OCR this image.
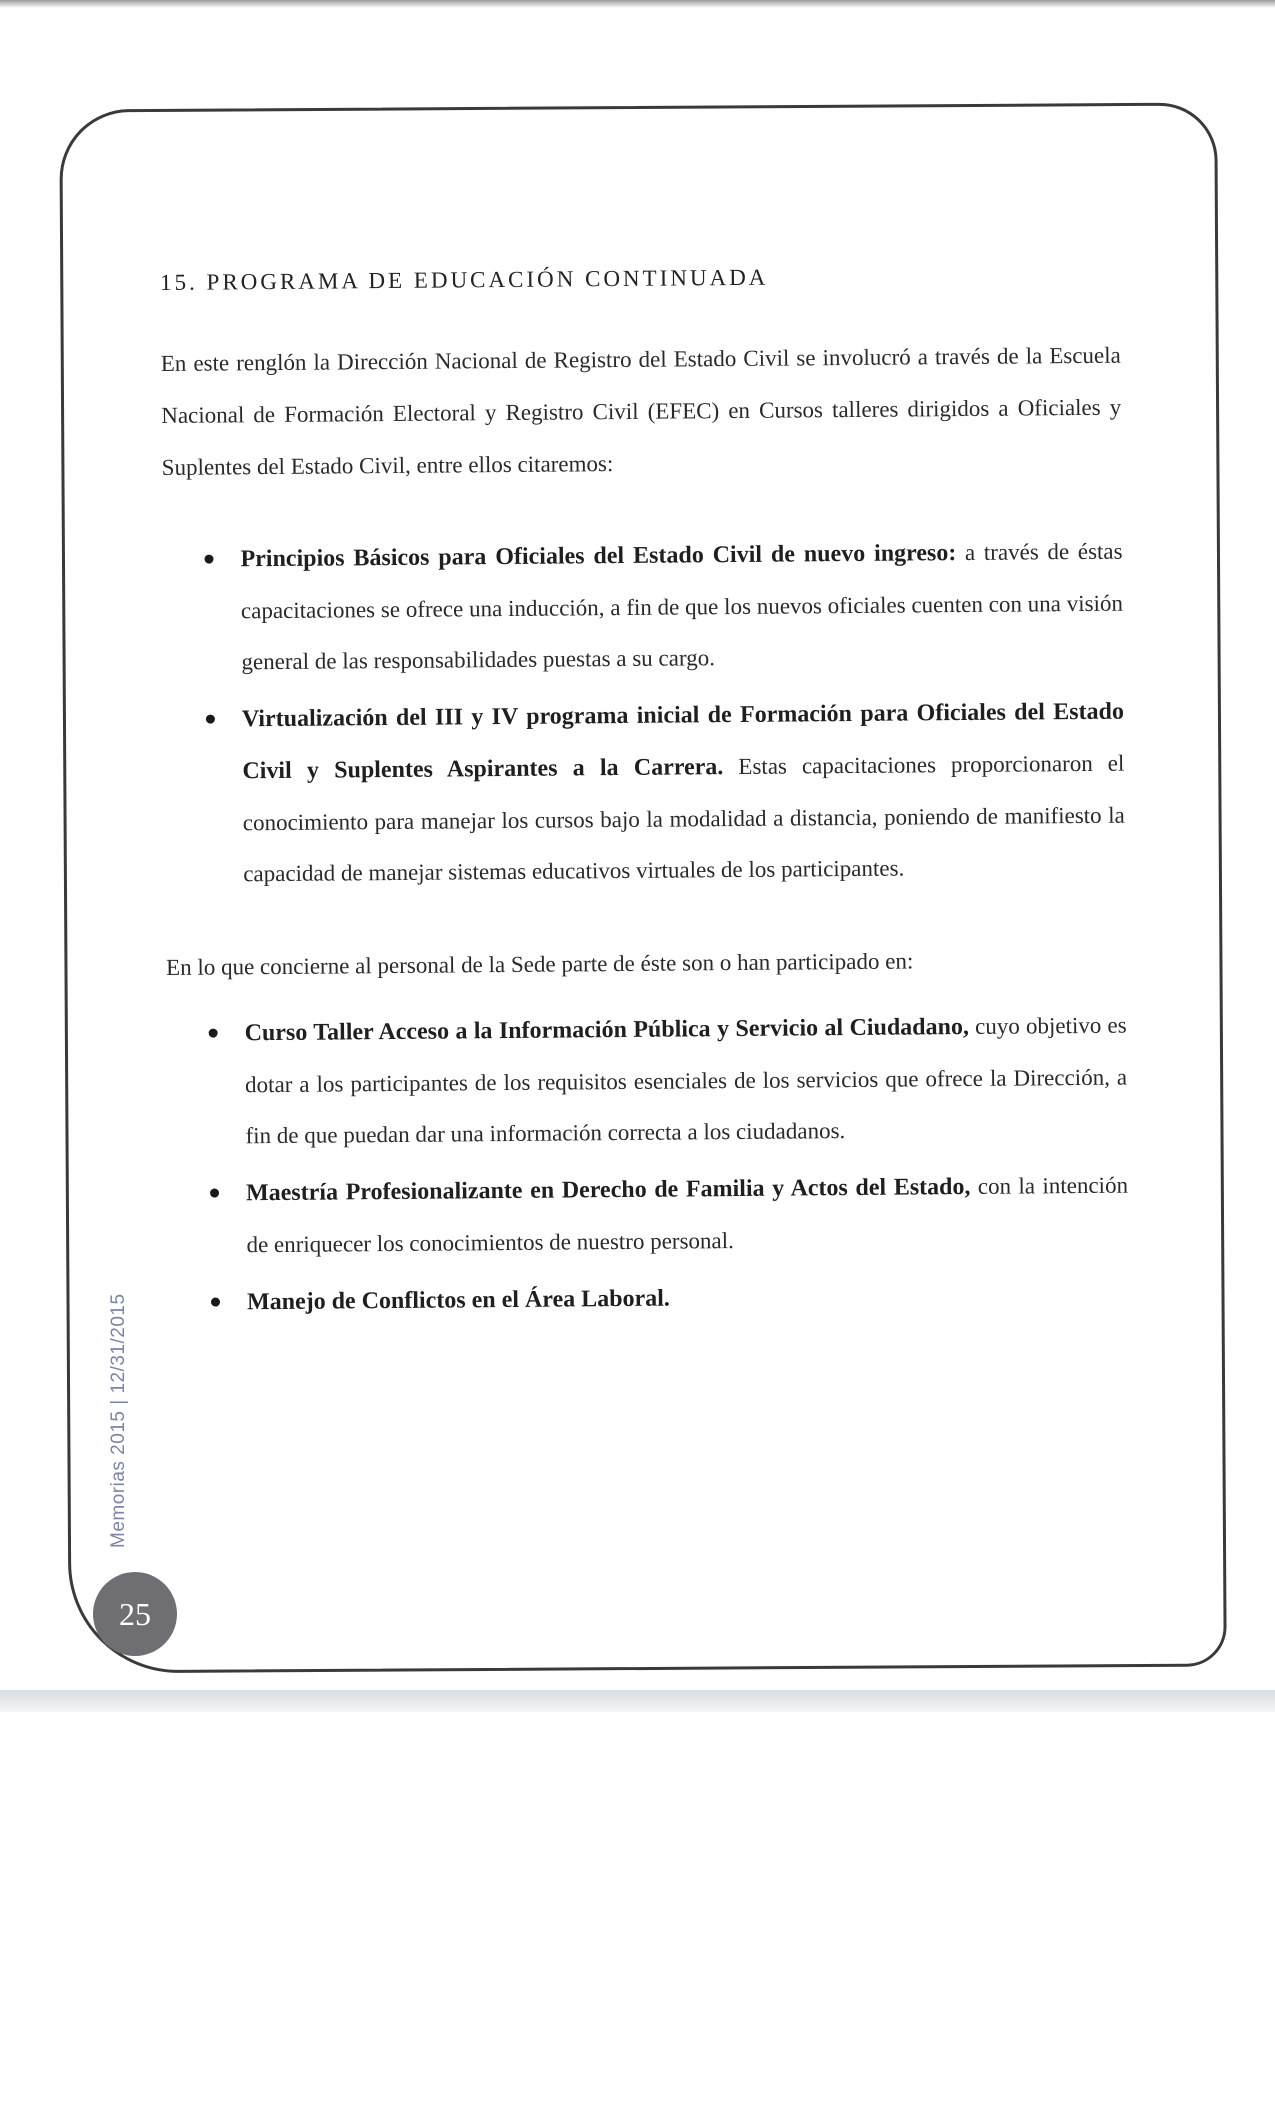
15. PROGRAMA DE EDUCACIÓN CONTINUADA

En este renglón la Dirección Nacional de Registro del Estado Civil se involucró a través de la Escuela Nacional de Formación Electoral y Registro Civil (EFEC) en Cursos talleres dirigidos a Oficiales y Suplentes del Estado Civil, entre ellos citaremos:

Principios Básicos para Oficiales del Estado Civil de nuevo ingreso: a través de éstas capacitaciones se ofrece una inducción, a fin de que los nuevos oficiales cuenten con una visión general de las responsabilidades puestas a su cargo.
Virtualización del III y IV programa inicial de Formación para Oficiales del Estado Civil y Suplentes Aspirantes a la Carrera. Estas capacitaciones proporcionaron el conocimiento para manejar los cursos bajo la modalidad a distancia, poniendo de manifiesto la capacidad de manejar sistemas educativos virtuales de los participantes.

En lo que concierne al personal de la Sede parte de éste son o han participado en:

Curso Taller Acceso a la Información Pública y Servicio al Ciudadano, cuyo objetivo es dotar a los participantes de los requisitos esenciales de los servicios que ofrece la Dirección, a fin de que puedan dar una información correcta a los ciudadanos.
Maestría Profesionalizante en Derecho de Familia y Actos del Estado, con la intención de enriquecer los conocimientos de nuestro personal.
Manejo de Conflictos en el Área Laboral.
Memorias 2015 | 12/31/2015
25
